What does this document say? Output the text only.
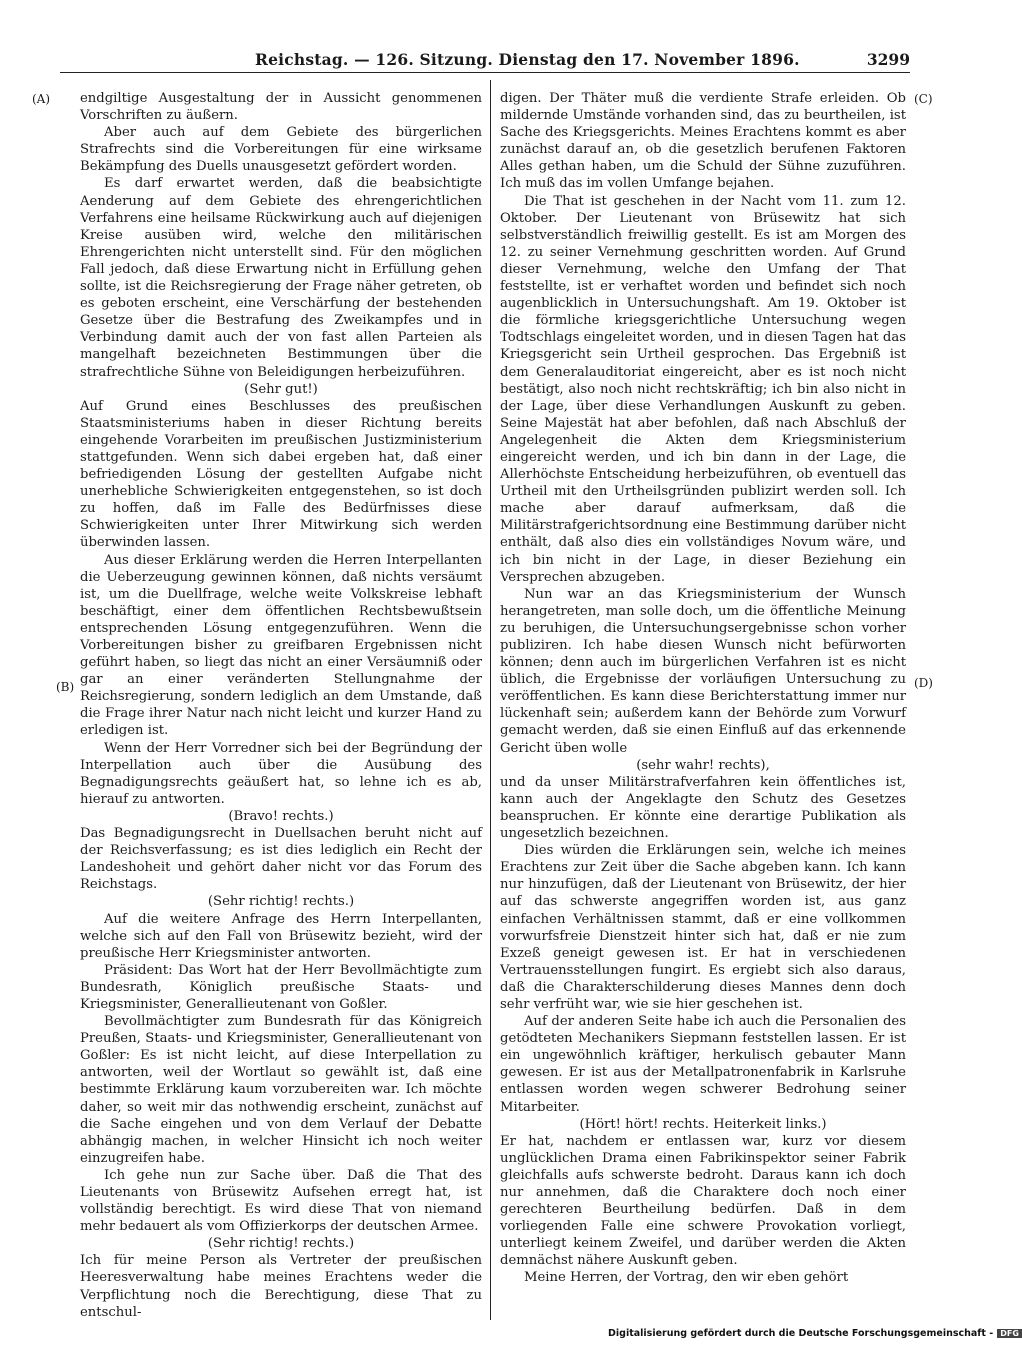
Reichstag. — 126. Sitzung. Dienstag den 17. November 1896.	3299
(A)
(B)
(C)
(D)

endgiltige Ausgestaltung der in Aussicht genommenen Vorschriften zu äußern.

Aber auch auf dem Gebiete des bürgerlichen Strafrechts sind die Vorbereitungen für eine wirksame Bekämpfung des Duells unausgesetzt gefördert worden.

Es darf erwartet werden, daß die beabsichtigte Aenderung auf dem Gebiete des ehrengerichtlichen Verfahrens eine heilsame Rückwirkung auch auf diejenigen Kreise ausüben wird, welche den militärischen Ehrengerichten nicht unterstellt sind. Für den möglichen Fall jedoch, daß diese Erwartung nicht in Erfüllung gehen sollte, ist die Reichsregierung der Frage näher getreten, ob es geboten erscheint, eine Verschärfung der bestehenden Gesetze über die Bestrafung des Zweikampfes und in Verbindung damit auch der von fast allen Parteien als mangelhaft bezeichneten Bestimmungen über die strafrechtliche Sühne von Beleidigungen herbeizuführen.

(Sehr gut!)

Auf Grund eines Beschlusses des preußischen Staatsministeriums haben in dieser Richtung bereits eingehende Vorarbeiten im preußischen Justizministerium stattgefunden. Wenn sich dabei ergeben hat, daß einer befriedigenden Lösung der gestellten Aufgabe nicht unerhebliche Schwierigkeiten entgegenstehen, so ist doch zu hoffen, daß im Falle des Bedürfnisses diese Schwierigkeiten unter Ihrer Mitwirkung sich werden überwinden lassen.

Aus dieser Erklärung werden die Herren Interpellanten die Ueberzeugung gewinnen können, daß nichts versäumt ist, um die Duellfrage, welche weite Volkskreise lebhaft beschäftigt, einer dem öffentlichen Rechtsbewußtsein entsprechenden Lösung entgegenzuführen. Wenn die Vorbereitungen bisher zu greifbaren Ergebnissen nicht geführt haben, so liegt das nicht an einer Versäumniß oder gar an einer veränderten Stellungnahme der Reichsregierung, sondern lediglich an dem Umstande, daß die Frage ihrer Natur nach nicht leicht und kurzer Hand zu erledigen ist.

Wenn der Herr Vorredner sich bei der Begründung der Interpellation auch über die Ausübung des Begnadigungsrechts geäußert hat, so lehne ich es ab, hierauf zu antworten.

(Bravo! rechts.)

Das Begnadigungsrecht in Duellsachen beruht nicht auf der Reichsverfassung; es ist dies lediglich ein Recht der Landeshoheit und gehört daher nicht vor das Forum des Reichstags.

(Sehr richtig! rechts.)

Auf die weitere Anfrage des Herrn Interpellanten, welche sich auf den Fall von Brüsewitz bezieht, wird der preußische Herr Kriegsminister antworten.

Präsident: Das Wort hat der Herr Bevollmächtigte zum Bundesrath, Königlich preußische Staats- und Kriegsminister, Generallieutenant von Goßler.

Bevollmächtigter zum Bundesrath für das Königreich Preußen, Staats- und Kriegsminister, Generallieutenant von Goßler: Es ist nicht leicht, auf diese Interpellation zu antworten, weil der Wortlaut so gewählt ist, daß eine bestimmte Erklärung kaum vorzubereiten war. Ich möchte daher, so weit mir das nothwendig erscheint, zunächst auf die Sache eingehen und von dem Verlauf der Debatte abhängig machen, in welcher Hinsicht ich noch weiter einzugreifen habe.

Ich gehe nun zur Sache über. Daß die That des Lieutenants von Brüsewitz Aufsehen erregt hat, ist vollständig berechtigt. Es wird diese That von niemand mehr bedauert als vom Offizierkorps der deutschen Armee.

(Sehr richtig! rechts.)

Ich für meine Person als Vertreter der preußischen Heeresverwaltung habe meines Erachtens weder die Verpflichtung noch die Berechtigung, diese That zu entschul-

digen. Der Thäter muß die verdiente Strafe erleiden. Ob mildernde Umstände vorhanden sind, das zu beurtheilen, ist Sache des Kriegsgerichts. Meines Erachtens kommt es aber zunächst darauf an, ob die gesetzlich berufenen Faktoren Alles gethan haben, um die Schuld der Sühne zuzuführen. Ich muß das im vollen Umfange bejahen.

Die That ist geschehen in der Nacht vom 11. zum 12. Oktober. Der Lieutenant von Brüsewitz hat sich selbstverständlich freiwillig gestellt. Es ist am Morgen des 12. zu seiner Vernehmung geschritten worden. Auf Grund dieser Vernehmung, welche den Umfang der That feststellte, ist er verhaftet worden und befindet sich noch augenblicklich in Untersuchungshaft. Am 19. Oktober ist die förmliche kriegsgerichtliche Untersuchung wegen Todtschlags eingeleitet worden, und in diesen Tagen hat das Kriegsgericht sein Urtheil gesprochen. Das Ergebniß ist dem Generalauditoriat eingereicht, aber es ist noch nicht bestätigt, also noch nicht rechtskräftig; ich bin also nicht in der Lage, über diese Verhandlungen Auskunft zu geben. Seine Majestät hat aber befohlen, daß nach Abschluß der Angelegenheit die Akten dem Kriegsministerium eingereicht werden, und ich bin dann in der Lage, die Allerhöchste Entscheidung herbeizuführen, ob eventuell das Urtheil mit den Urtheilsgründen publizirt werden soll. Ich mache aber darauf aufmerksam, daß die Militärstrafgerichtsordnung eine Bestimmung darüber nicht enthält, daß also dies ein vollständiges Novum wäre, und ich bin nicht in der Lage, in dieser Beziehung ein Versprechen abzugeben.

Nun war an das Kriegsministerium der Wunsch herangetreten, man solle doch, um die öffentliche Meinung zu beruhigen, die Untersuchungsergebnisse schon vorher publiziren. Ich habe diesen Wunsch nicht befürworten können; denn auch im bürgerlichen Verfahren ist es nicht üblich, die Ergebnisse der vorläufigen Untersuchung zu veröffentlichen. Es kann diese Berichterstattung immer nur lückenhaft sein; außerdem kann der Behörde zum Vorwurf gemacht werden, daß sie einen Einfluß auf das erkennende Gericht üben wolle

(sehr wahr! rechts),

und da unser Militärstrafverfahren kein öffentliches ist, kann auch der Angeklagte den Schutz des Gesetzes beanspruchen. Er könnte eine derartige Publikation als ungesetzlich bezeichnen.

Dies würden die Erklärungen sein, welche ich meines Erachtens zur Zeit über die Sache abgeben kann. Ich kann nur hinzufügen, daß der Lieutenant von Brüsewitz, der hier auf das schwerste angegriffen worden ist, aus ganz einfachen Verhältnissen stammt, daß er eine vollkommen vorwurfsfreie Dienstzeit hinter sich hat, daß er nie zum Exzeß geneigt gewesen ist. Er hat in verschiedenen Vertrauensstellungen fungirt. Es ergiebt sich also daraus, daß die Charakterschilderung dieses Mannes denn doch sehr verfrüht war, wie sie hier geschehen ist.

Auf der anderen Seite habe ich auch die Personalien des getödteten Mechanikers Siepmann feststellen lassen. Er ist ein ungewöhnlich kräftiger, herkulisch gebauter Mann gewesen. Er ist aus der Metallpatronenfabrik in Karlsruhe entlassen worden wegen schwerer Bedrohung seiner Mitarbeiter.

(Hört! hört! rechts. Heiterkeit links.)

Er hat, nachdem er entlassen war, kurz vor diesem unglücklichen Drama einen Fabrikinspektor seiner Fabrik gleichfalls aufs schwerste bedroht. Daraus kann ich doch nur annehmen, daß die Charaktere doch noch einer gerechteren Beurtheilung bedürfen. Daß in dem vorliegenden Falle eine schwere Provokation vorliegt, unterliegt keinem Zweifel, und darüber werden die Akten demnächst nähere Auskunft geben.

Meine Herren, der Vortrag, den wir eben gehört

Digitalisierung gefördert durch die Deutsche Forschungsgemeinschaft - DFG
